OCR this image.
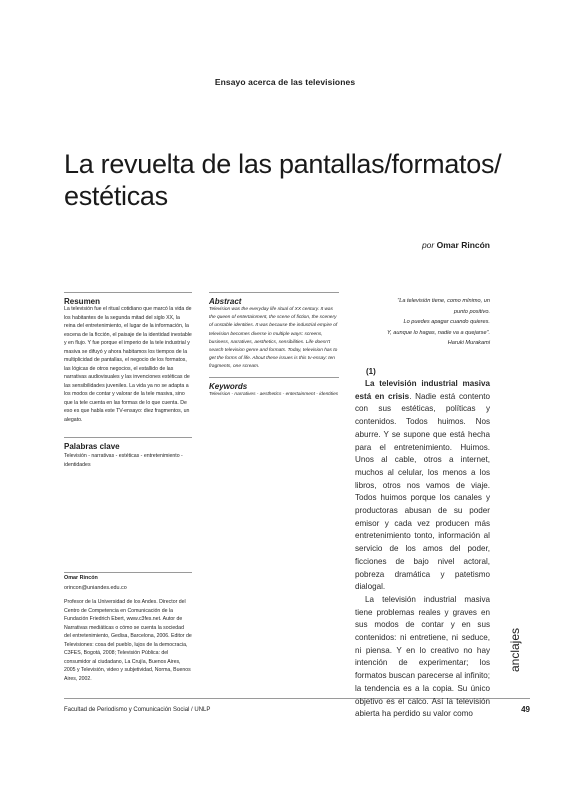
Ensayo acerca de las televisiones
La revuelta de las pantallas/formatos/ estéticas
por Omar Rincón
Resumen
La televisión fue el ritual cotidiano que marcó la vida de los habitantes de la segunda mitad del siglo XX, la reina del entretenimiento, el lugar de la información, la escena de la ficción, el paisaje de la identidad inestable y en flujo. Y fue porque el imperio de la tele industrial y masiva se difuyó y ahora habitamos los tiempos de la multiplicidad de pantallas, el negocio de los formatos, las lógicas de otros negocios, el estallido de las narrativas audiovisuales y las invenciones estéticas de las sensibilidades juveniles. La vida ya no se adapta a los modos de contar y valorar de la tele masiva, sino que la tele cuenta en las formas de lo que cuenta. De eso es que habla este TV-ensayo: diez fragmentos, un alegato.
Palabras clave
Televisión - narrativas - estéticas - entretenimiento - identidades
Abstract
Television was the everyday life ritual of XX century. It was the queen of entertainment, the scene of fiction, the scenery of unstable identities. It was because the industrial empire of television becomes diverse in multiple ways: screens, business, narratives, aesthetics, sensibilities. Life doesn't search television genre and formats. Today, television has to get the forms of life. About these issues is this tv-essay: ten fragments, one scream.
Keywords
Television - narratives - aesthetics - entertainment - identities
Omar Rincón
orincon@uniandes.edu.co
Profesor de la Universidad de los Andes. Director del Centro de Competencia en Comunicación de la Fundación Friedrich Ebert, www.c3fes.net. Autor de Narrativas mediáticas o cómo se cuenta la sociedad del entretenimiento, Gedisa, Barcelona, 2006. Editor de Televisiones: cosa del pueblo, lujos de la democracia, C3FES, Bogotá, 2008; Televisión Pública: del consumidor al ciudadano, La Crujía, Buenos Aires, 2005 y Televisión, video y subjetividad, Norma, Buenos Aires, 2002.
“La televisión tiene, como mínimo, un
punto positivo.
Lo puedes apagar cuando quieres.
Y, aunque lo hagas, nadie va a quejarse”.
Haruki Murakami
(1)
La televisión industrial masiva está en crisis. Nadie está contento con sus estéticas, políticas y contenidos. Todos huimos. Nos aburre. Y se supone que está hecha para el entretenimiento. Huimos. Unos al cable, otros a internet, muchos al celular, los menos a los libros, otros nos vamos de viaje. Todos huimos porque los canales y productoras abusan de su poder emisor y cada vez producen más entretenimiento tonto, información al servicio de los amos del poder, ficciones de bajo nivel actoral, pobreza dramática y patetismo dialogal.
La televisión industrial masiva tiene problemas reales y graves en sus modos de contar y en sus contenidos: ni entretiene, ni seduce, ni piensa. Y en lo creativo no hay intención de experimentar; los formatos buscan parecerse al infinito; la tendencia es a la copia. Su único objetivo es el calco. Así la televisión abierta ha perdido su valor como
anclajes
Facultad de Periodismo y Comunicación Social / UNLP	49
